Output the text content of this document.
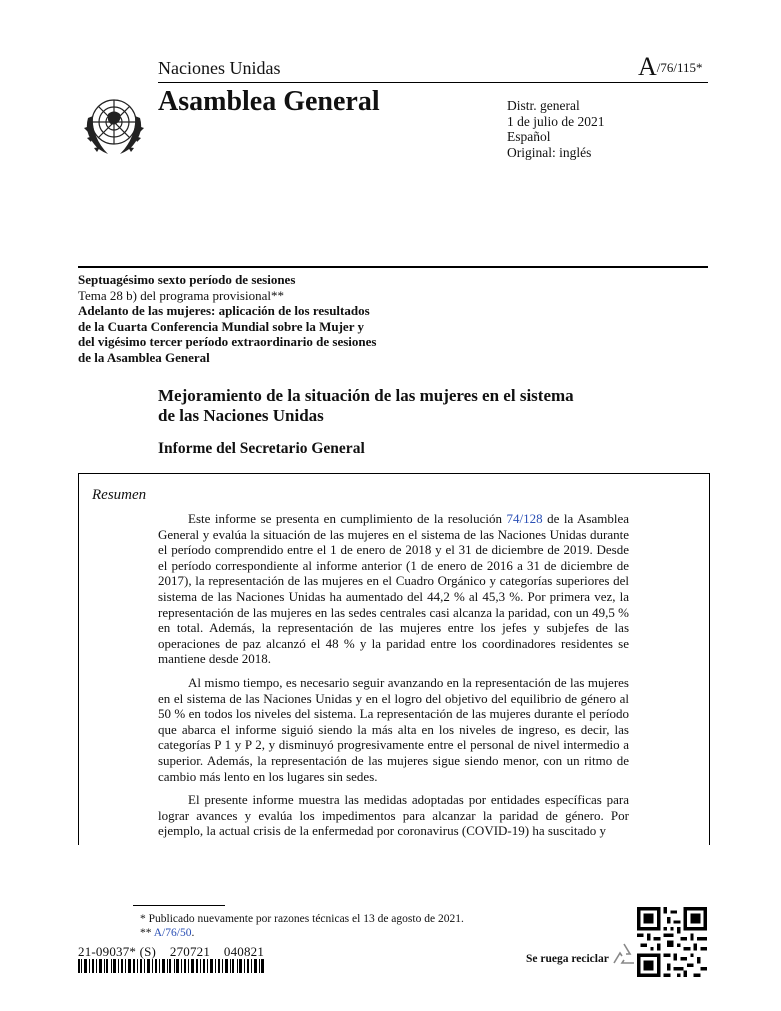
Naciones Unidas	A/76/115*
Asamblea General	Distr. general
1 de julio de 2021
Español
Original: inglés
Septuagésimo sexto período de sesiones
Tema 28 b) del programa provisional**
Adelanto de las mujeres: aplicación de los resultados
de la Cuarta Conferencia Mundial sobre la Mujer y
del vigésimo tercer período extraordinario de sesiones
de la Asamblea General
Mejoramiento de la situación de las mujeres en el sistema
de las Naciones Unidas
Informe del Secretario General
Resumen

Este informe se presenta en cumplimiento de la resolución 74/128 de la Asamblea General y evalúa la situación de las mujeres en el sistema de las Naciones Unidas durante el período comprendido entre el 1 de enero de 2018 y el 31 de diciembre de 2019. Desde el período correspondiente al informe anterior (1 de enero de 2016 a 31 de diciembre de 2017), la representación de las mujeres en el Cuadro Orgánico y categorías superiores del sistema de las Naciones Unidas ha aumentado del 44,2 % al 45,3 %. Por primera vez, la representación de las mujeres en las sedes centrales casi alcanza la paridad, con un 49,5 % en total. Además, la representación de las mujeres entre los jefes y subjefes de las operaciones de paz alcanzó el 48 % y la paridad entre los coordinadores residentes se mantiene desde 2018.

Al mismo tiempo, es necesario seguir avanzando en la representación de las mujeres en el sistema de las Naciones Unidas y en el logro del objetivo del equilibrio de género al 50 % en todos los niveles del sistema. La representación de las mujeres durante el período que abarca el informe siguió siendo la más alta en los niveles de ingreso, es decir, las categorías P 1 y P 2, y disminuyó progresivamente entre el personal de nivel intermedio a superior. Además, la representación de las mujeres sigue siendo menor, con un ritmo de cambio más lento en los lugares sin sedes.

El presente informe muestra las medidas adoptadas por entidades específicas para lograr avances y evalúa los impedimentos para alcanzar la paridad de género. Por ejemplo, la actual crisis de la enfermedad por coronavirus (COVID-19) ha suscitado y

* Publicado nuevamente por razones técnicas el 13 de agosto de 2021.
** A/76/50.
21-09037* (S)    270721    040821	Se ruega reciclar
